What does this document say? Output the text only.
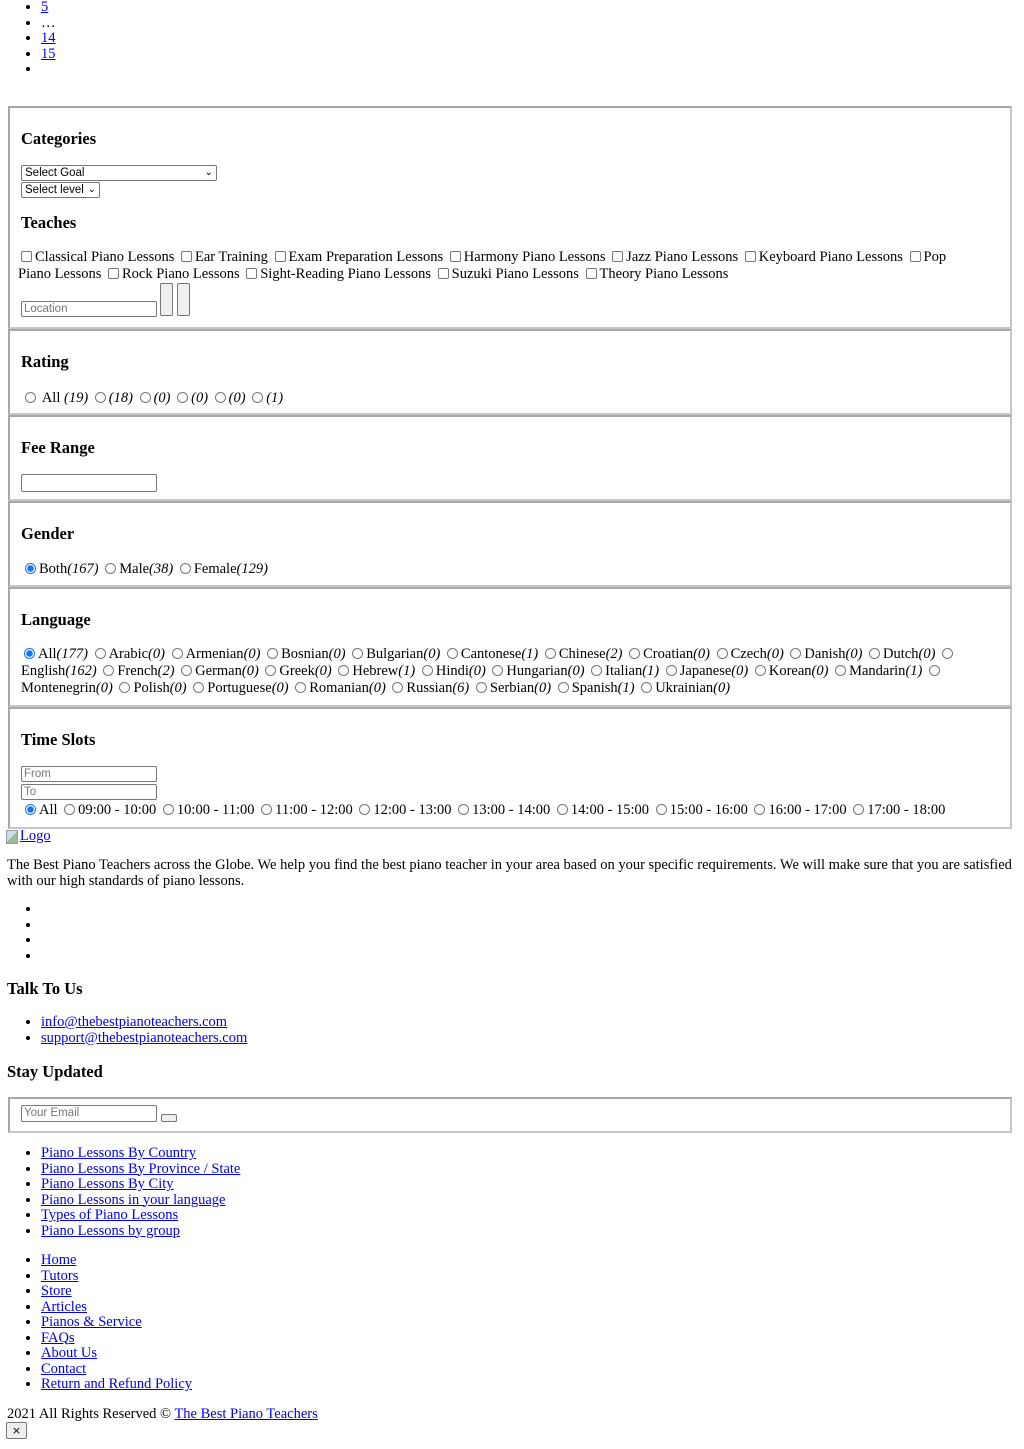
• 5
• …
• 14
• 15
•
Categories
Select Goal	⌄
Select level ⌄
Teaches
Classical Piano Lessons Ear Training Exam Preparation Lessons Harmony Piano Lessons Jazz Piano Lessons Keyboard Piano Lessons Pop Piano Lessons Rock Piano Lessons Sight-Reading Piano Lessons Suzuki Piano Lessons Theory Piano Lessons
Location
Rating
All (19) (18) (0) (0) (0) (1)
Fee Range
Gender
Both(167) Male(38) Female(129)
Language
All(177) Arabic(0) Armenian(0) Bosnian(0) Bulgarian(0) Cantonese(1) Chinese(2) Croatian(0) Czech(0) Danish(0) Dutch(0) English(162) French(2) German(0) Greek(0) Hebrew(1) Hindi(0) Hungarian(0) Italian(1) Japanese(0) Korean(0) Mandarin(1) Montenegrin(0) Polish(0) Portuguese(0) Romanian(0) Russian(6) Serbian(0) Spanish(1) Ukrainian(0)
Time Slots
From
To
All 09:00 - 10:00 10:00 - 11:00 11:00 - 12:00 12:00 - 13:00 13:00 - 14:00 14:00 - 15:00 15:00 - 16:00 16:00 - 17:00 17:00 - 18:00
Logo

The Best Piano Teachers across the Globe. We help you find the best piano teacher in your area based on your specific requirements. We will make sure that you are satisfied with our high standards of piano lessons.

Talk To Us
• info@thebestpianoteachers.com
• support@thebestpianoteachers.com
Stay Updated
Your Email
• Piano Lessons By Country
• Piano Lessons By Province / State
• Piano Lessons By City
• Piano Lessons in your language
• Types of Piano Lessons
• Piano Lessons by group
• Home
• Tutors
• Store
• Articles
• Pianos & Service
• FAQs
• About Us
• Contact
• Return and Refund Policy
2021 All Rights Reserved © The Best Piano Teachers
×
